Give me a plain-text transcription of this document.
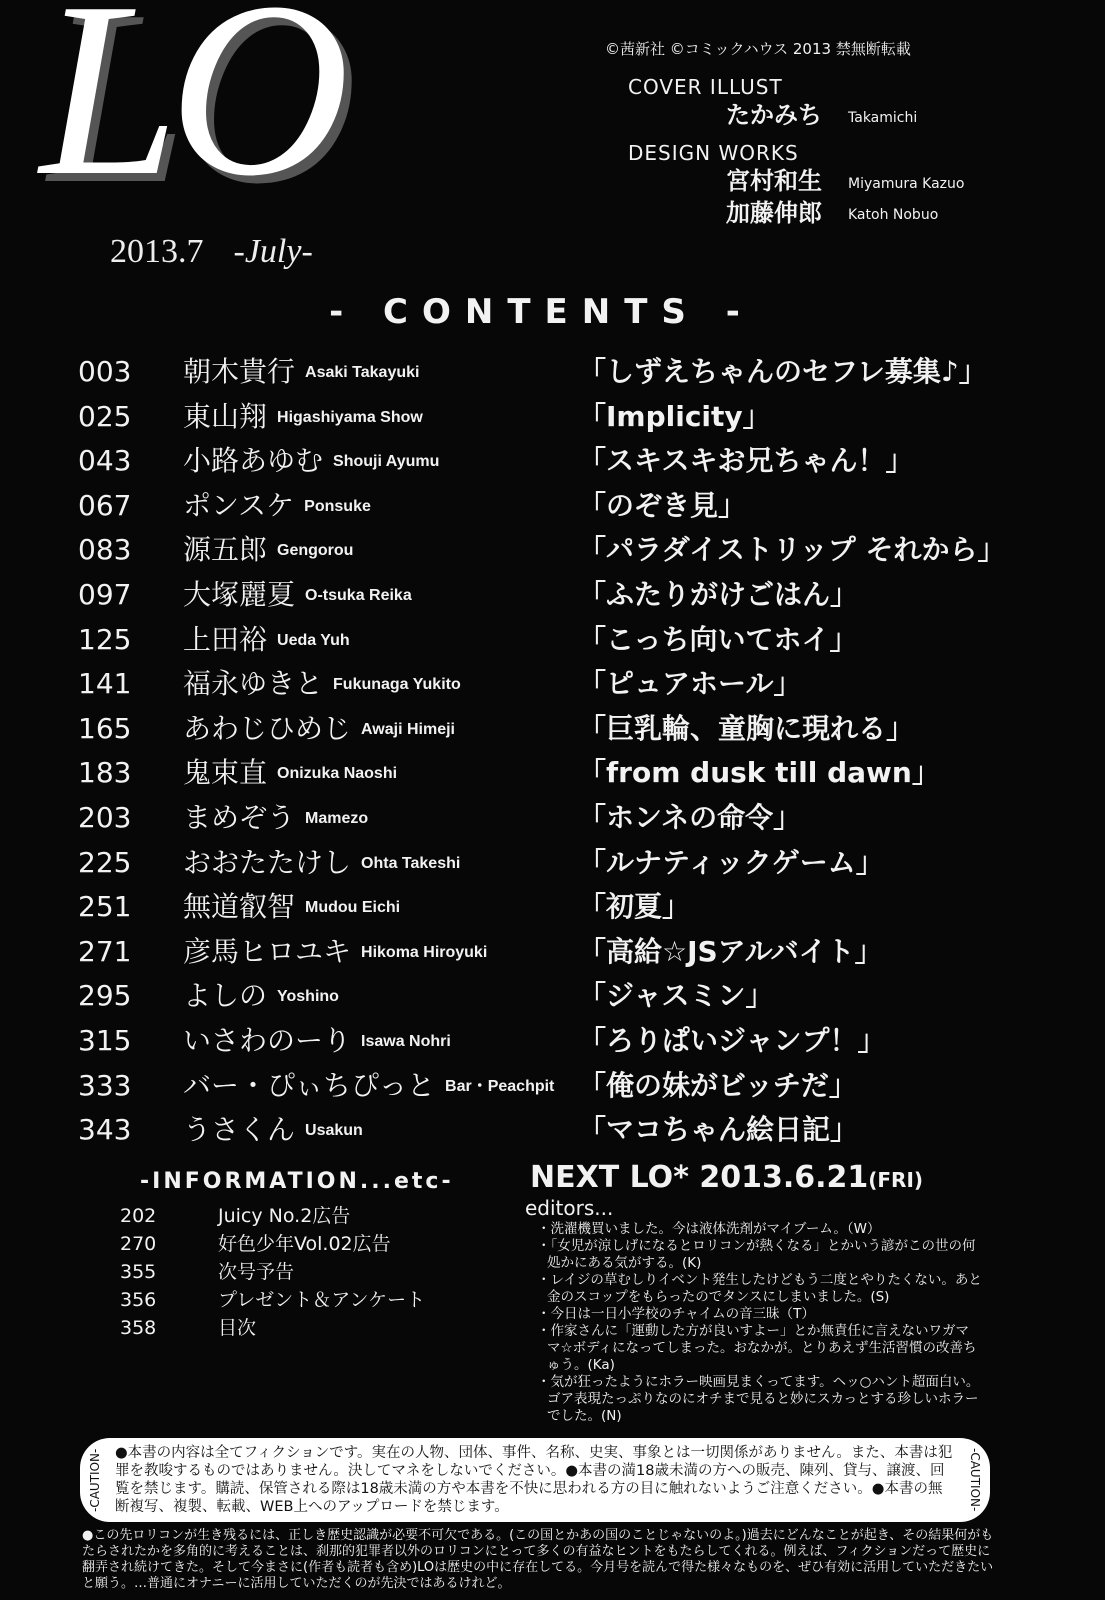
LO
2013.7 -July-
©茜新社 ©コミックハウス 2013 禁無断転載
COVER ILLUST
たかみち Takamichi
DESIGN WORKS
宮村和生 Miyamura Kazuo
加藤伸郎 Katoh Nobuo
- CONTENTS -
003 朝木貴行 Asaki Takayuki	「しずえちゃんのセフレ募集♪」
025 東山翔 Higashiyama Show	「Implicity」
043 小路あゆむ Shouji Ayumu	「スキスキお兄ちゃん！」
067 ポンスケ Ponsuke	「のぞき見」
083 源五郎 Gengorou	「パラダイストリップ それから」
097 大塚麗夏 O-tsuka Reika	「ふたりがけごはん」
125 上田裕 Ueda Yuh	「こっち向いてホイ」
141 福永ゆきと Fukunaga Yukito	「ピュアホール」
165 あわじひめじ Awaji Himeji	「巨乳輪、童胸に現れる」
183 鬼束直 Onizuka Naoshi	「from dusk till dawn」
203 まめぞう Mamezo	「ホンネの命令」
225 おおたたけし Ohta Takeshi	「ルナティックゲーム」
251 無道叡智 Mudou Eichi	「初夏」
271 彦馬ヒロユキ Hikoma Hiroyuki	「高給☆JSアルバイト」
295 よしの Yoshino	「ジャスミン」
315 いさわのーり Isawa Nohri	「ろりぱいジャンプ！」
333 バー・ぴぃちぴっと Bar・Peachpit 「俺の妹がビッチだ」
343 うさくん Usakun	「マコちゃん絵日記」
-INFORMATION...etc-
202	Juicy No.2広告
270	好色少年Vol.02広告
355	次号予告
356	プレゼント＆アンケート
358	目次
NEXT LO* 2013.6.21(FRI)
editors...
・洗濯機買いました。今は液体洗剤がマイブーム。（W）
・「女児が涼しげになるとロリコンが熱くなる」とかいう諺がこの世の何処かにある気がする。(K)
・レイジの草むしりイベント発生したけどもう二度とやりたくない。あと金のスコップをもらったのでタンスにしまいました。(S)
・今日は一日小学校のチャイムの音三昧（T）
・作家さんに「運動した方が良いすよー」とか無責任に言えないワガママ☆ボディになってしまった。おなかが。とりあえず生活習慣の改善ちゅう。(Ka)
・気が狂ったようにホラー映画見まくってます。ヘッ○ハント超面白い。ゴア表現たっぷりなのにオチまで見ると妙にスカっとする珍しいホラーでした。(N)
-CAUTION- ●本書の内容は全てフィクションです。実在の人物、団体、事件、名称、史実、事象とは一切関係がありません。また、本書は犯罪を教唆するものではありません。決してマネをしないでください。●本書の満18歳未満の方への販売、陳列、貸与、譲渡、回覧を禁じます。購読、保管される際は18歳未満の方や本書を不快に思われる方の目に触れないようご注意ください。●本書の無断複写、複製、転載、WEB上へのアップロードを禁じます。	-CAUTION-
●この先ロリコンが生き残るには、正しき歴史認識が必要不可欠である。(この国とかあの国のことじゃないのよ。)過去にどんなことが起き、その結果何がもたらされたかを多角的に考えることは、刹那的犯罪者以外のロリコンにとって多くの有益なヒントをもたらしてくれる。例えば、フィクションだって歴史に翻弄され続けてきた。そして今まさに(作者も読者も含め)LOは歴史の中に存在してる。今月号を読んで得た様々なものを、ぜひ有効に活用していただきたいと願う。…普通にオナニーに活用していただくのが先決ではあるけれど。
